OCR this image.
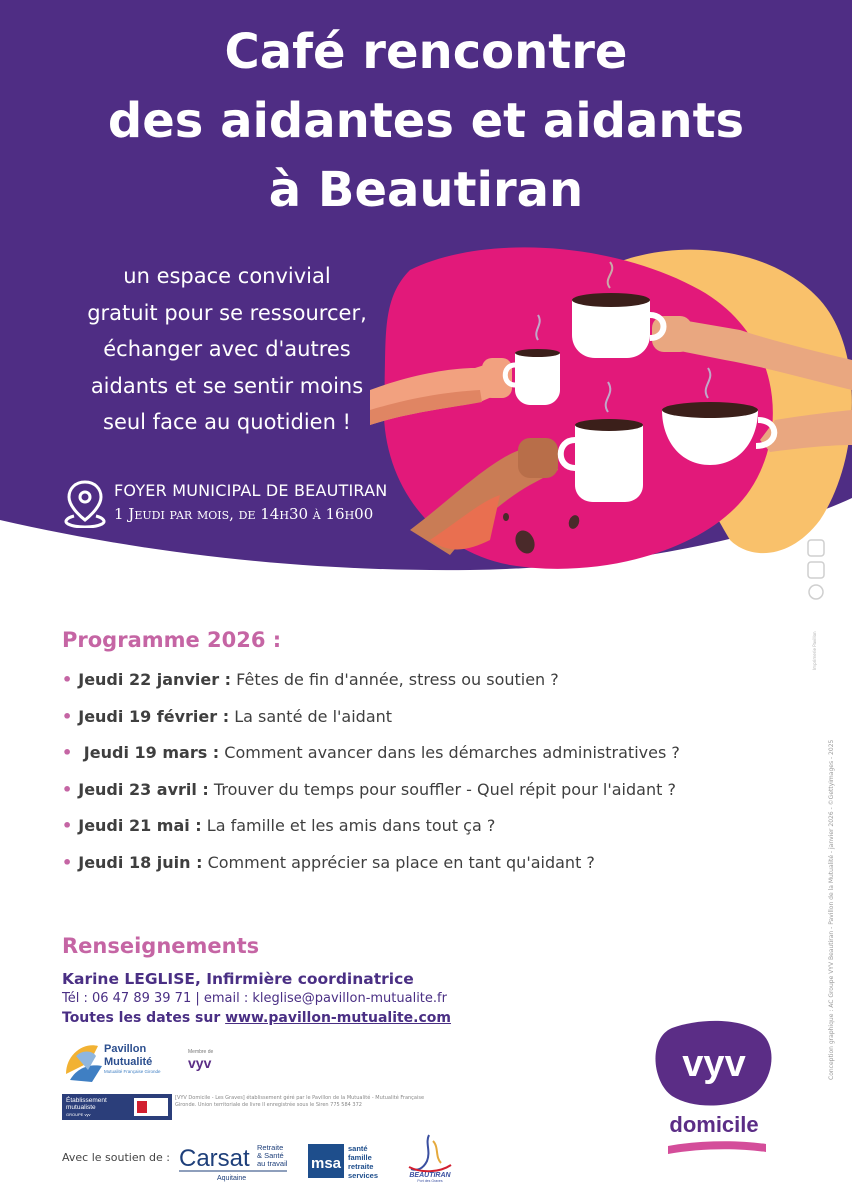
Café rencontre
des aidantes et aidants
à Beautiran
un espace convivial
gratuit pour se ressourcer,
échanger avec d'autres
aidants et se sentir moins
seul face au quotidien !
FOYER MUNICIPAL DE BEAUTIRAN
1 Jeudi par mois, de 14h30 à 16h00
Imprimerie Pavillon
Conception graphique : AC Groupe VYV Beautiran - Pavillon de la Mutualité - janvier 2026 - ©Gettyimages - 2025
Programme 2026 :
• Jeudi 22 janvier : Fêtes de fin d'année, stress ou soutien ?
• Jeudi 19 février : La santé de l'aidant
• Jeudi 19 mars : Comment avancer dans les démarches administratives ?
• Jeudi 23 avril : Trouver du temps pour souffler - Quel répit pour l'aidant ?
• Jeudi 21 mai : La famille et les amis dans tout ça ?
• Jeudi 18 juin : Comment apprécier sa place en tant qu'aidant ?
Renseignements
Karine LEGLISE, Infirmière coordinatrice
Tél : 06 47 89 39 71 | email : kleglise@pavillon-mutualite.fr
Toutes les dates sur www.pavillon-mutualite.com
Pavillon
Mutualité
Mutualité Française Gironde
Membre de
vyv
Établissement
mutualiste
GROUPE vyv
[VYV Domicile - Les Graves] établissement géré par le Pavillon de la Mutualité - Mutualité Française Gironde. Union territoriale de livre II enregistrée sous le Siren 775 584 372
vyv
domicile
Avec le soutien de : Carsat Retraite
& Santé
au travail
Aquitaine
msa
santé
famille
retraite
services	BEAUTIRAN
Port des Graves
